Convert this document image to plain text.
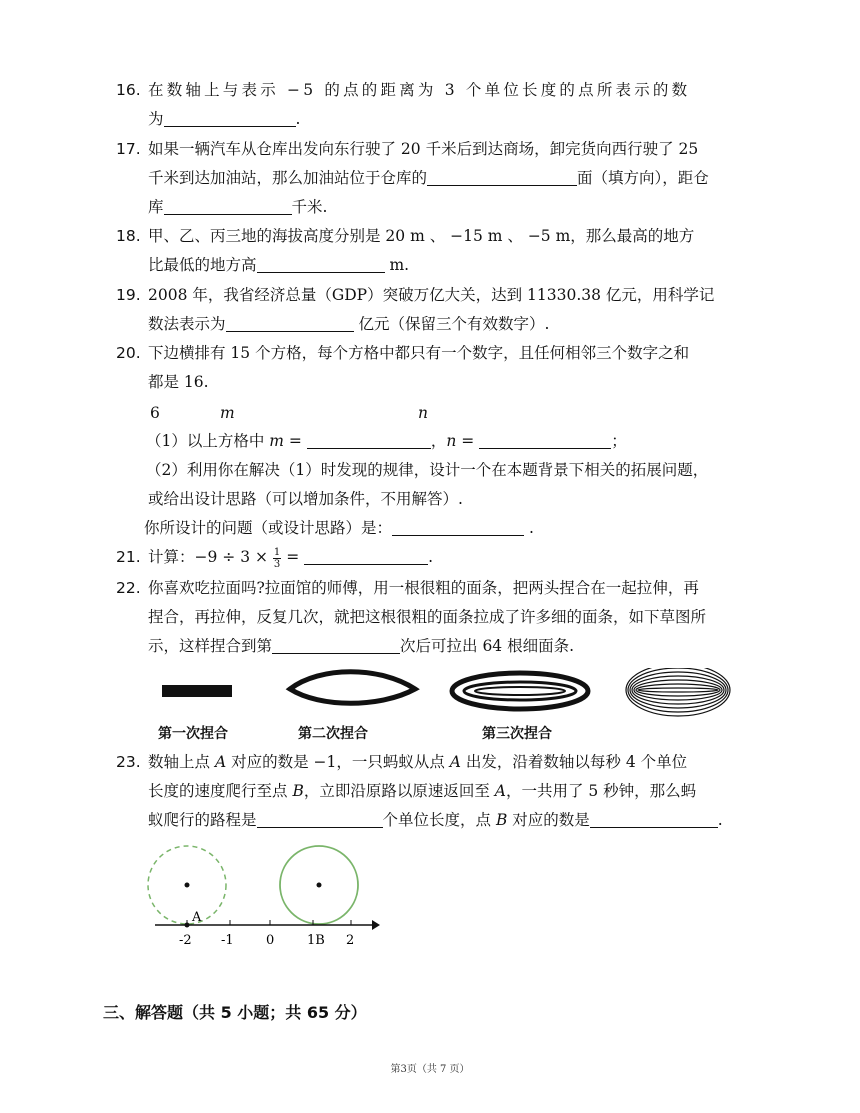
16. 在数轴上与表示 −5 的点的距离为 3 个单位长度的点所表示的数
为	.
17. 如果一辆汽车从仓库出发向东行驶了 20 千米后到达商场，卸完货向西行驶了 25
千米到达加油站，那么加油站位于仓库的	面（填方向），距仓
库	千米.
18. 甲、乙、丙三地的海拔高度分别是 20 m 、 −15 m 、 −5 m，那么最高的地方
比最低的地方高	m.
19. 2008 年，我省经济总量（GDP）突破万亿大关，达到 11330.38 亿元，用科学记
数法表示为	亿元（保留三个有效数字）.
20. 下边横排有 15 个方格，每个方格中都只有一个数字，且任何相邻三个数字之和
都是 16.
6	m	n
（1）以上方格中 m =	，n =	；
（2）利用你在解决（1）时发现的规律，设计一个在本题背景下相关的拓展问题，
或给出设计思路（可以增加条件，不用解答）.
你所设计的问题（或设计思路）是：	.
21. 计算：$-9 \div 3 \times \frac{1}{3}$ =	.
22. 你喜欢吃拉面吗?拉面馆的师傅，用一根很粗的面条，把两头捏合在一起拉伸，再
捏合，再拉伸，反复几次，就把这根很粗的面条拉成了许多细的面条，如下草图所
示，这样捏合到第	次后可拉出 64 根细面条.
第一次捏合	第二次捏合	第三次捏合
23. 数轴上点 A 对应的数是 −1，一只蚂蚁从点 A 出发，沿着数轴以每秒 4 个单位
长度的速度爬行至点 B，立即沿原路以原速返回至 A，一共用了 5 秒钟，那么蚂
蚁爬行的路程是	个单位长度，点 B 对应的数是	.
A
-2 -1 0	1B 2
三、解答题（共 5 小题；共 65 分）
第3页（共 7 页）
